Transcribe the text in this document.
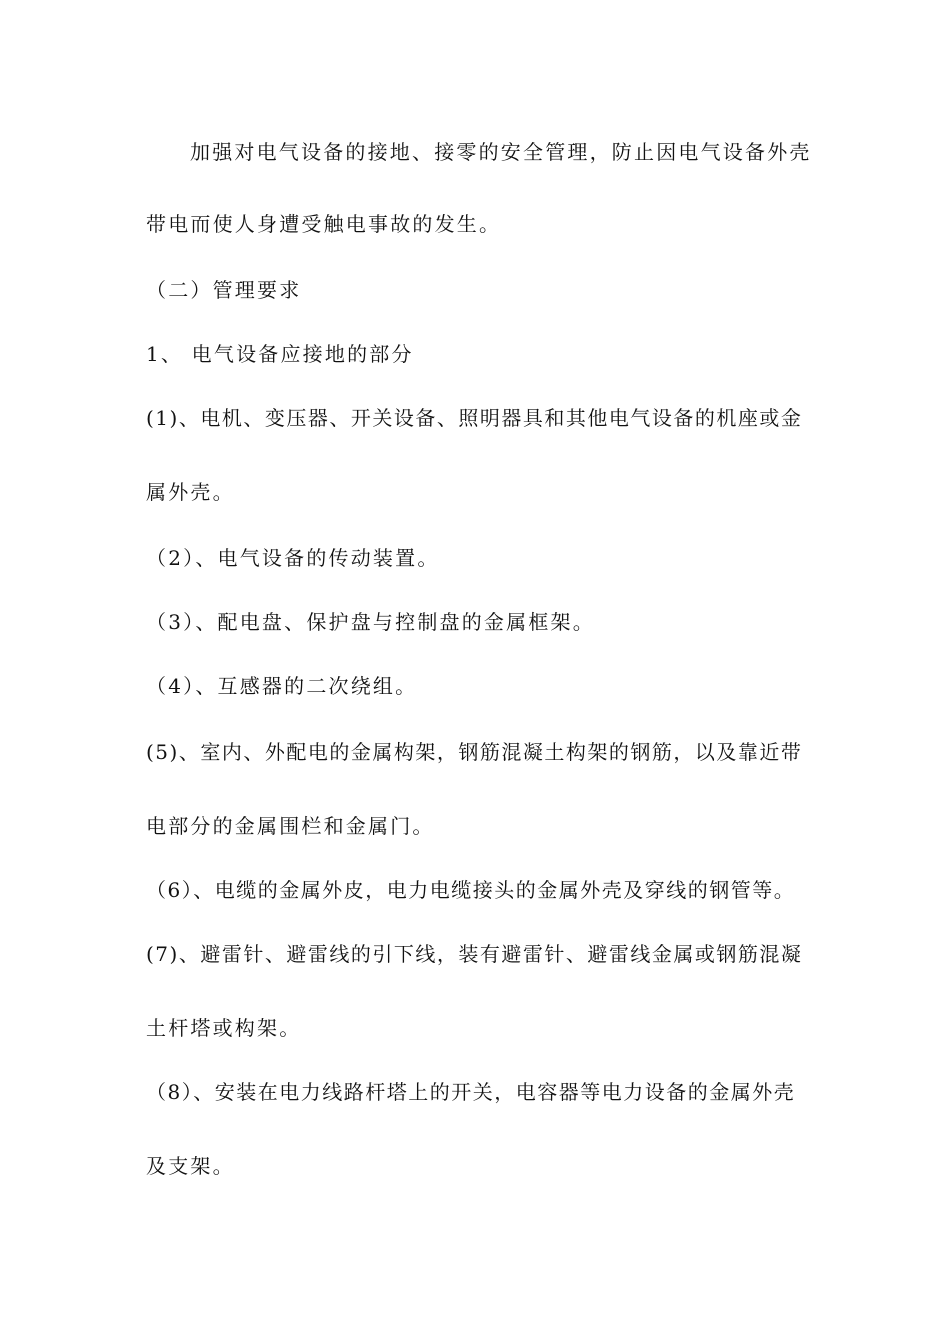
加强对电气设备的接地、接零的安全管理，防止因电气设备外壳
带电而使人身遭受触电事故的发生。
（二）管理要求
1、 电气设备应接地的部分
(1)、电机、变压器、开关设备、照明器具和其他电气设备的机座或金
属外壳。
（2）、电气设备的传动装置。
（3）、配电盘、保护盘与控制盘的金属框架。
（4）、互感器的二次绕组。
(5)、室内、外配电的金属构架，钢筋混凝土构架的钢筋，以及靠近带
电部分的金属围栏和金属门。
（6）、电缆的金属外皮，电力电缆接头的金属外壳及穿线的钢管等。
(7)、避雷针、避雷线的引下线，装有避雷针、避雷线金属或钢筋混凝
土杆塔或构架。
（8）、安装在电力线路杆塔上的开关，电容器等电力设备的金属外壳
及支架。
